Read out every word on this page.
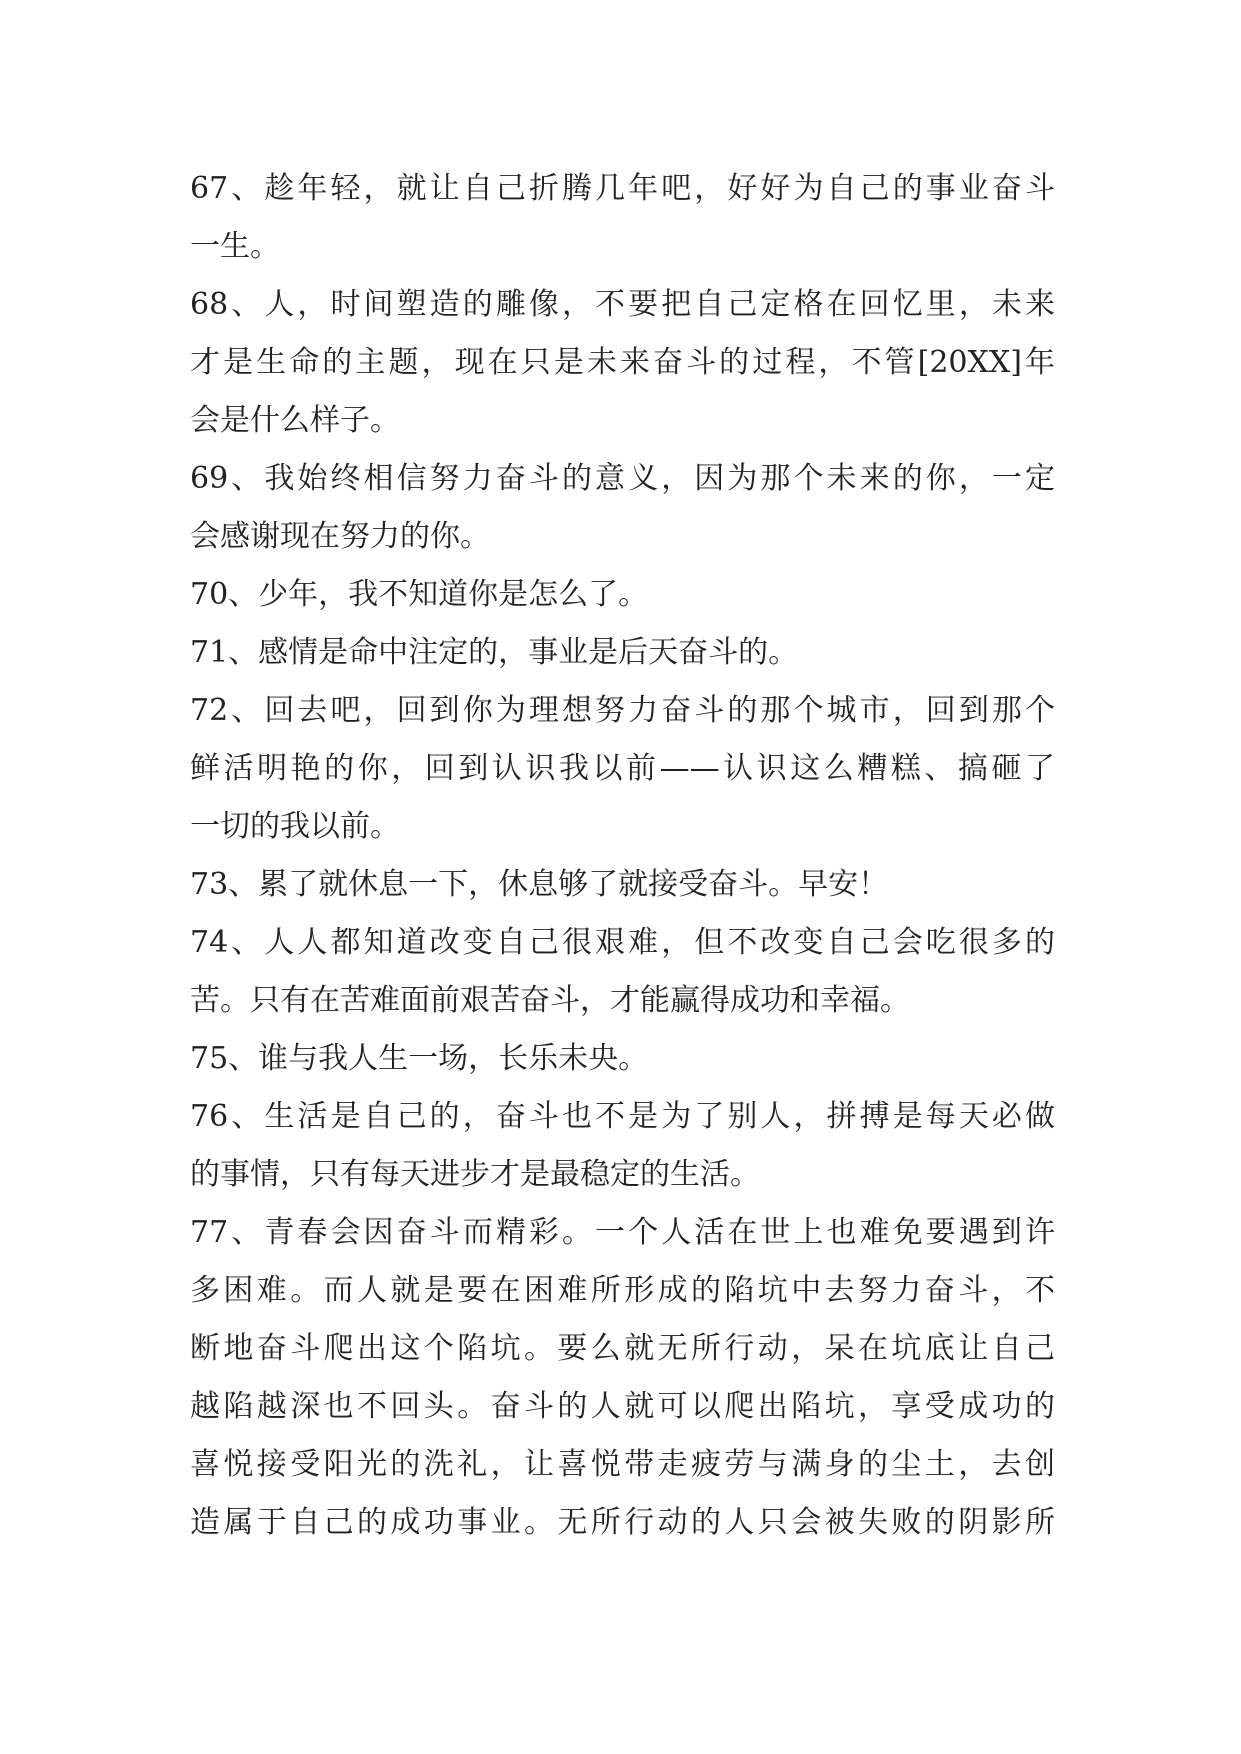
67、趁年轻，就让自己折腾几年吧，好好为自己的事业奋斗
一生。
68、人，时间塑造的雕像，不要把自己定格在回忆里，未来
才是生命的主题，现在只是未来奋斗的过程，不管[20XX]年
会是什么样子。
69、我始终相信努力奋斗的意义，因为那个未来的你，一定
会感谢现在努力的你。
70、少年，我不知道你是怎么了。
71、感情是命中注定的，事业是后天奋斗的。
72、回去吧，回到你为理想努力奋斗的那个城市，回到那个
鲜活明艳的你，回到认识我以前——认识这么糟糕、搞砸了
一切的我以前。
73、累了就休息一下，休息够了就接受奋斗。早安！
74、人人都知道改变自己很艰难，但不改变自己会吃很多的
苦。只有在苦难面前艰苦奋斗，才能赢得成功和幸福。
75、谁与我人生一场，长乐未央。
76、生活是自己的，奋斗也不是为了别人，拼搏是每天必做
的事情，只有每天进步才是最稳定的生活。
77、青春会因奋斗而精彩。一个人活在世上也难免要遇到许
多困难。而人就是要在困难所形成的陷坑中去努力奋斗，不
断地奋斗爬出这个陷坑。要么就无所行动，呆在坑底让自己
越陷越深也不回头。奋斗的人就可以爬出陷坑，享受成功的
喜悦接受阳光的洗礼，让喜悦带走疲劳与满身的尘土，去创
造属于自己的成功事业。无所行动的人只会被失败的阴影所
